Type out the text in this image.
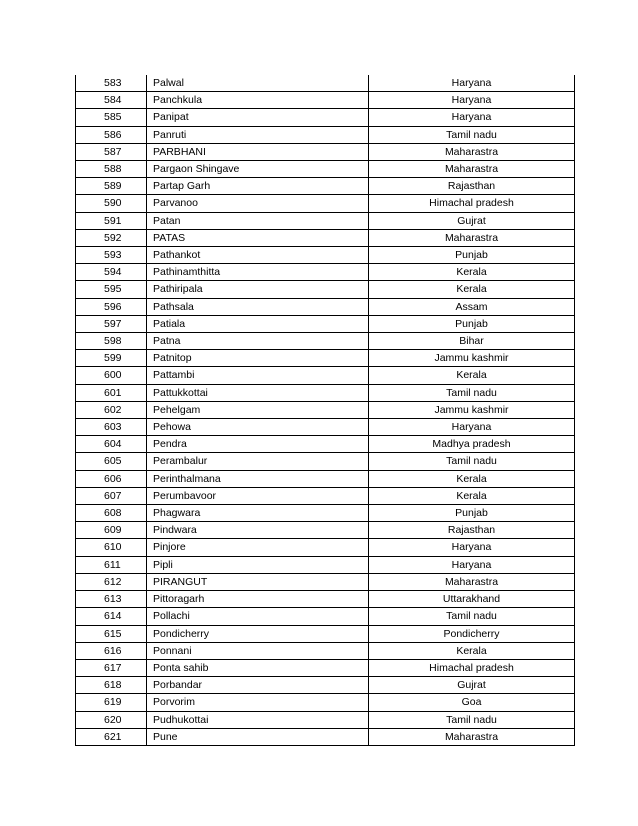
583	Palwal	Haryana
584	Panchkula	Haryana
585	Panipat	Haryana
586	Panruti	Tamil nadu
587	PARBHANI	Maharastra
588	Pargaon Shingave	Maharastra
589	Partap Garh	Rajasthan
590	Parvanoo	Himachal pradesh
591	Patan	Gujrat
592	PATAS	Maharastra
593	Pathankot	Punjab
594	Pathinamthitta	Kerala
595	Pathiripala	Kerala
596	Pathsala	Assam
597	Patiala	Punjab
598	Patna	Bihar
599	Patnitop	Jammu kashmir
600	Pattambi	Kerala
601	Pattukkottai	Tamil nadu
602	Pehelgam	Jammu kashmir
603	Pehowa	Haryana
604	Pendra	Madhya pradesh
605	Perambalur	Tamil nadu
606	Perinthalmana	Kerala
607	Perumbavoor	Kerala
608	Phagwara	Punjab
609	Pindwara	Rajasthan
610	Pinjore	Haryana
611	Pipli	Haryana
612	PIRANGUT	Maharastra
613	Pittoragarh	Uttarakhand
614	Pollachi	Tamil nadu
615	Pondicherry	Pondicherry
616	Ponnani	Kerala
617	Ponta sahib	Himachal pradesh
618	Porbandar	Gujrat
619	Porvorim	Goa
620	Pudhukottai	Tamil nadu
621	Pune	Maharastra
